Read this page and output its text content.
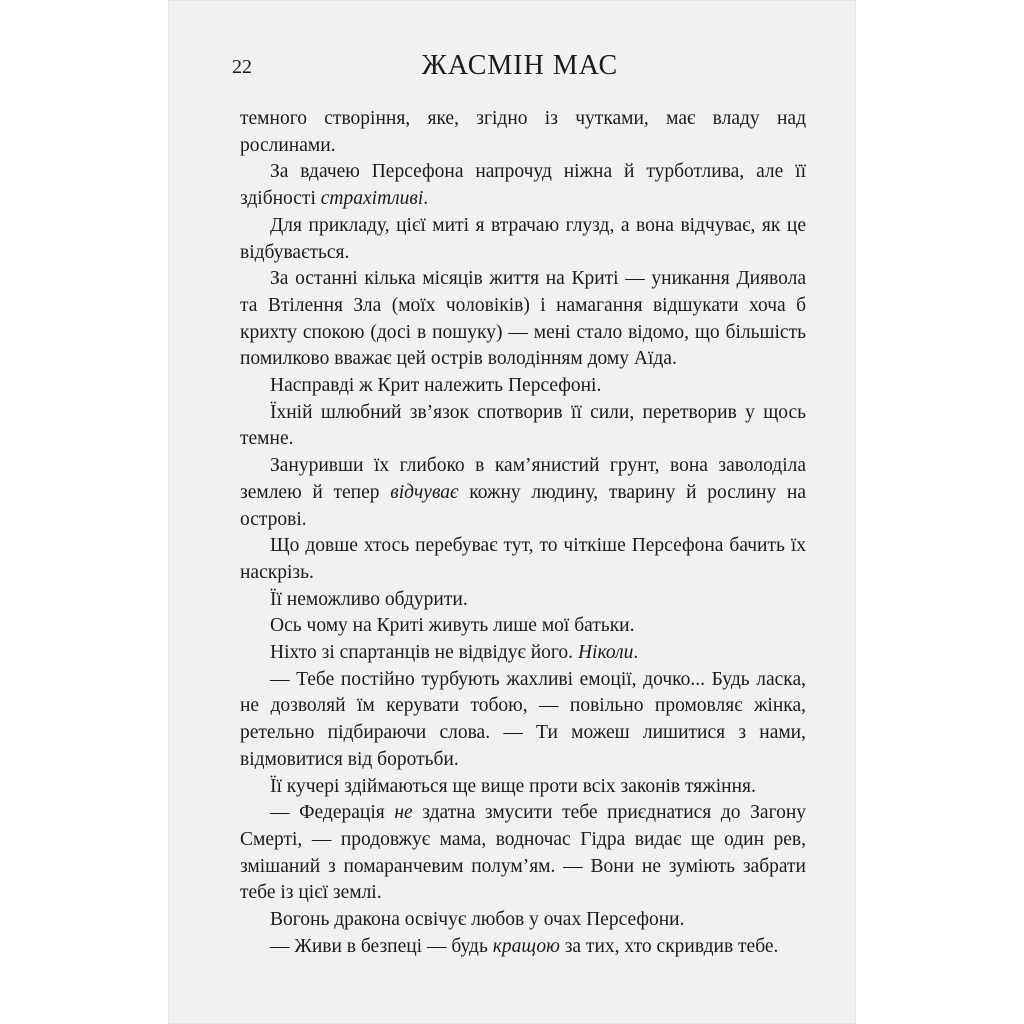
22	ЖАСМІН МАС

темного створіння, яке, згідно із чутками, має владу над рослинами.

За вдачею Персефона напрочуд ніжна й турботлива, але її здібності страхітливі.

Для прикладу, цієї миті я втрачаю глузд, а вона відчуває, як це відбувається.

За останні кілька місяців життя на Криті — уникання Диявола та Втілення Зла (моїх чоловіків) і намагання відшукати хоча б крихту спокою (досі в пошуку) — мені стало відомо, що більшість помилково вважає цей острів володінням дому Аїда.

Насправді ж Крит належить Персефоні.

Їхній шлюбний зв’язок спотворив її сили, перетворив у щось темне.

Зануривши їх глибоко в кам’янистий грунт, вона заволоділа землею й тепер відчуває кожну людину, тварину й рослину на острові.

Що довше хтось перебуває тут, то чіткіше Персефона бачить їх наскрізь.

Її неможливо обдурити.

Ось чому на Криті живуть лише мої батьки.

Ніхто зі спартанців не відвідує його. Ніколи.

— Тебе постійно турбують жахливі емоції, дочко... Будь ласка, не дозволяй їм керувати тобою, — повільно промовляє жінка, ретельно підбираючи слова. — Ти можеш лишитися з нами, відмовитися від боротьби.

Її кучері здіймаються ще вище проти всіх законів тяжіння.

— Федерація не здатна змусити тебе приєднатися до Загону Смерті, — продовжує мама, водночас Гідра видає ще один рев, змішаний з помаранчевим полум’ям. — Вони не зуміють забрати тебе із цієї землі.

Вогонь дракона освічує любов у очах Персефони.

— Живи в безпеці — будь кращою за тих, хто скривдив тебе.
